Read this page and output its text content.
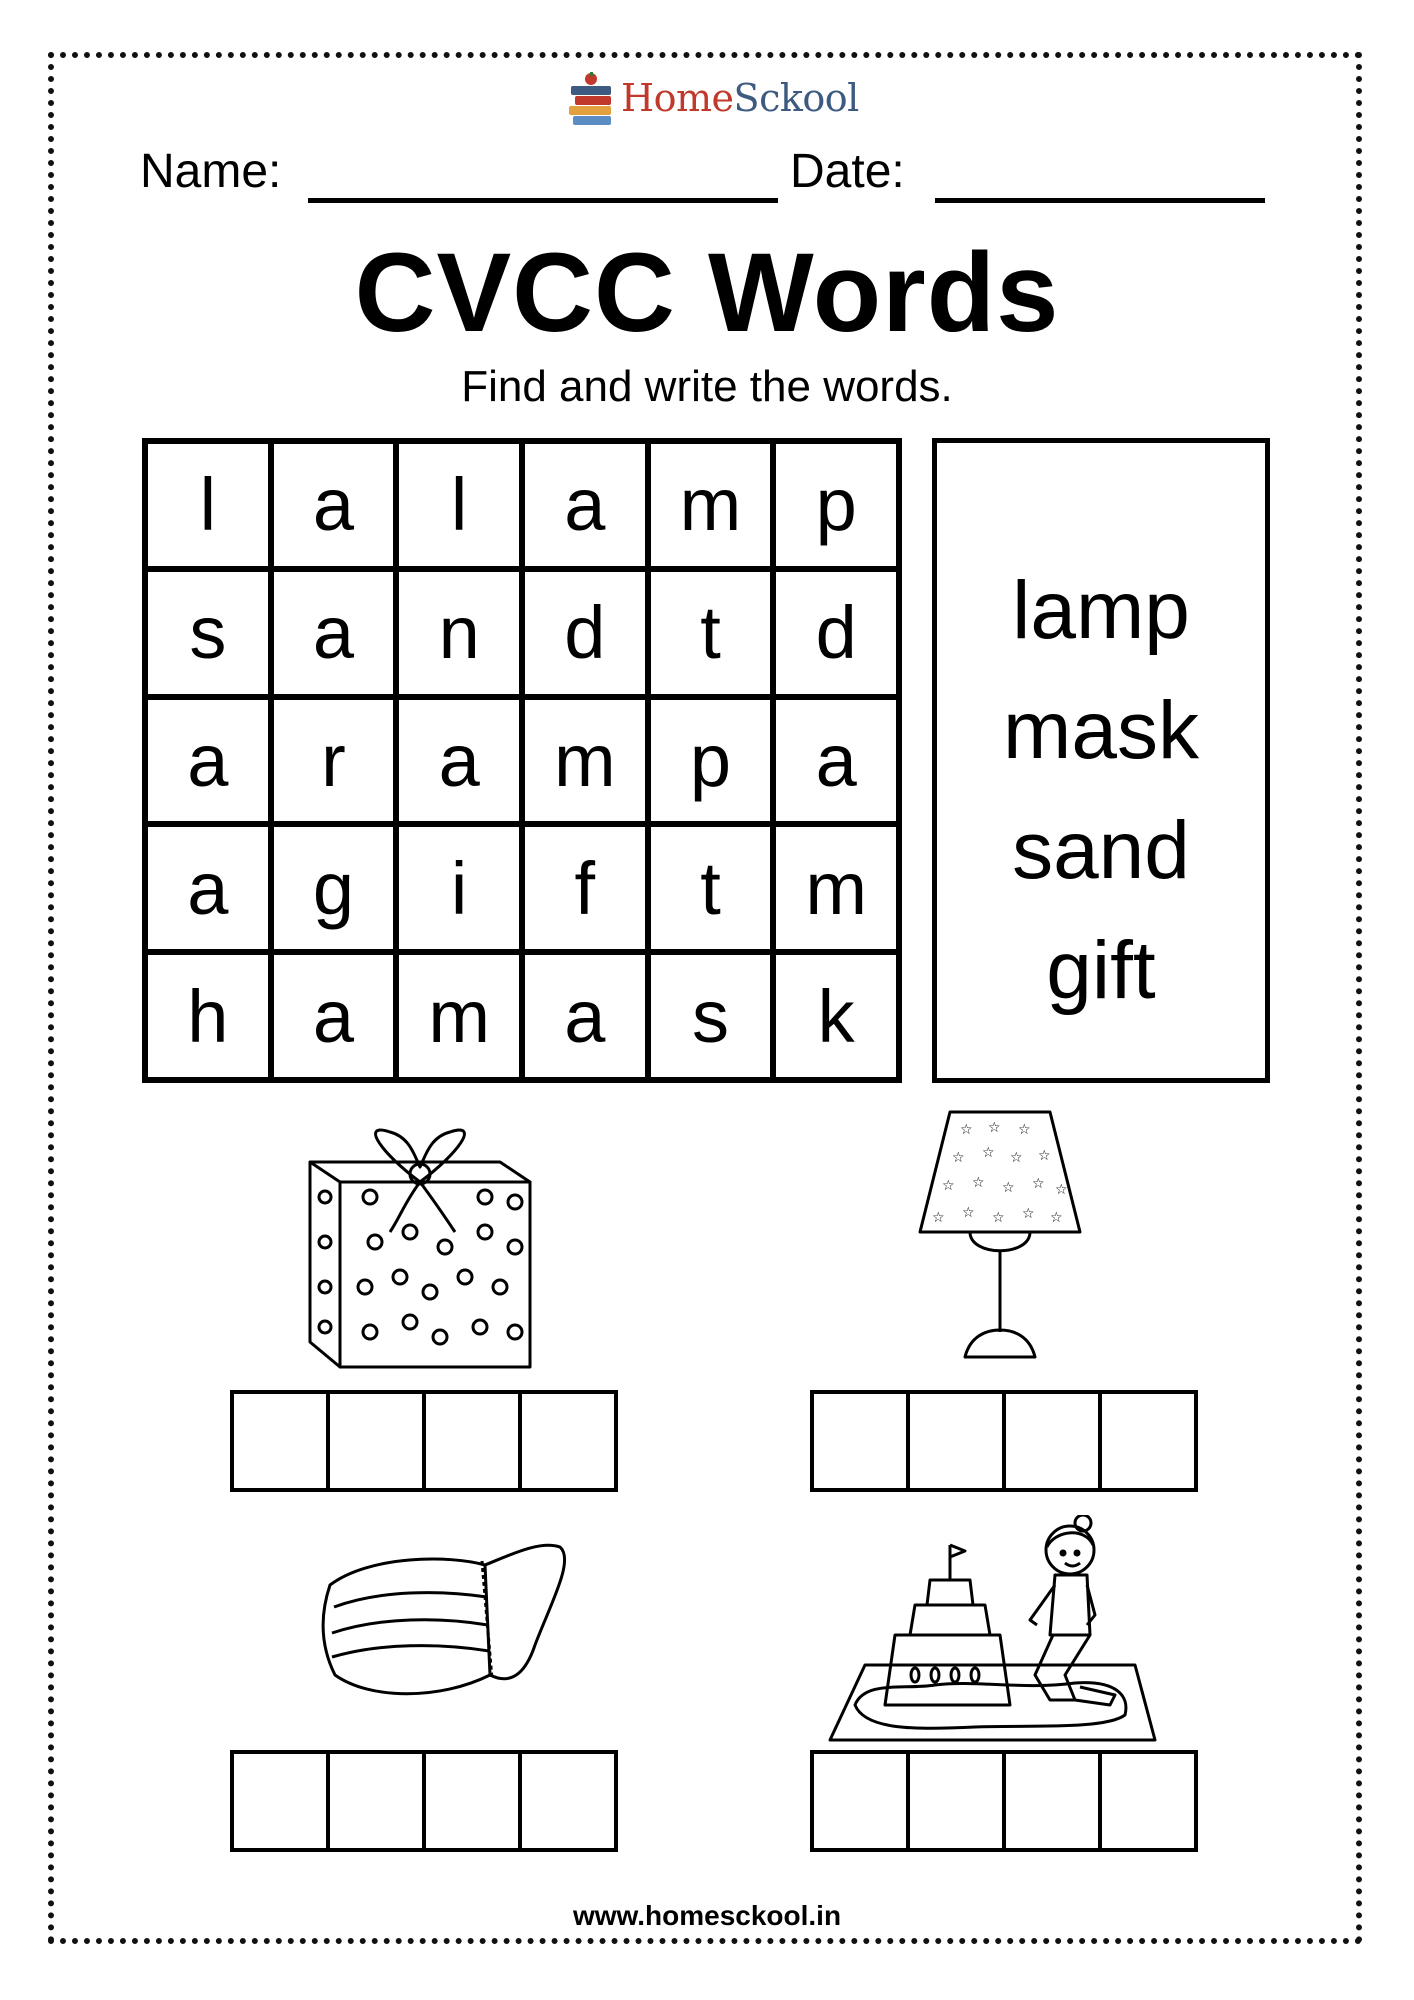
HomeSckool
Name:	Date:
CVCC Words
Find and write the words.
l	a	l	a	m	p
s	a	n	d	t	d
a	r	a	m	p	a
a	g	i	f	t	m
h	a	m	a	s	k
lamp
mask
sand
gift
☆ ☆ ☆
☆ ☆ ☆ ☆
☆ ☆ ☆ ☆ ☆
☆ ☆ ☆ ☆ ☆
www.homesckool.in
